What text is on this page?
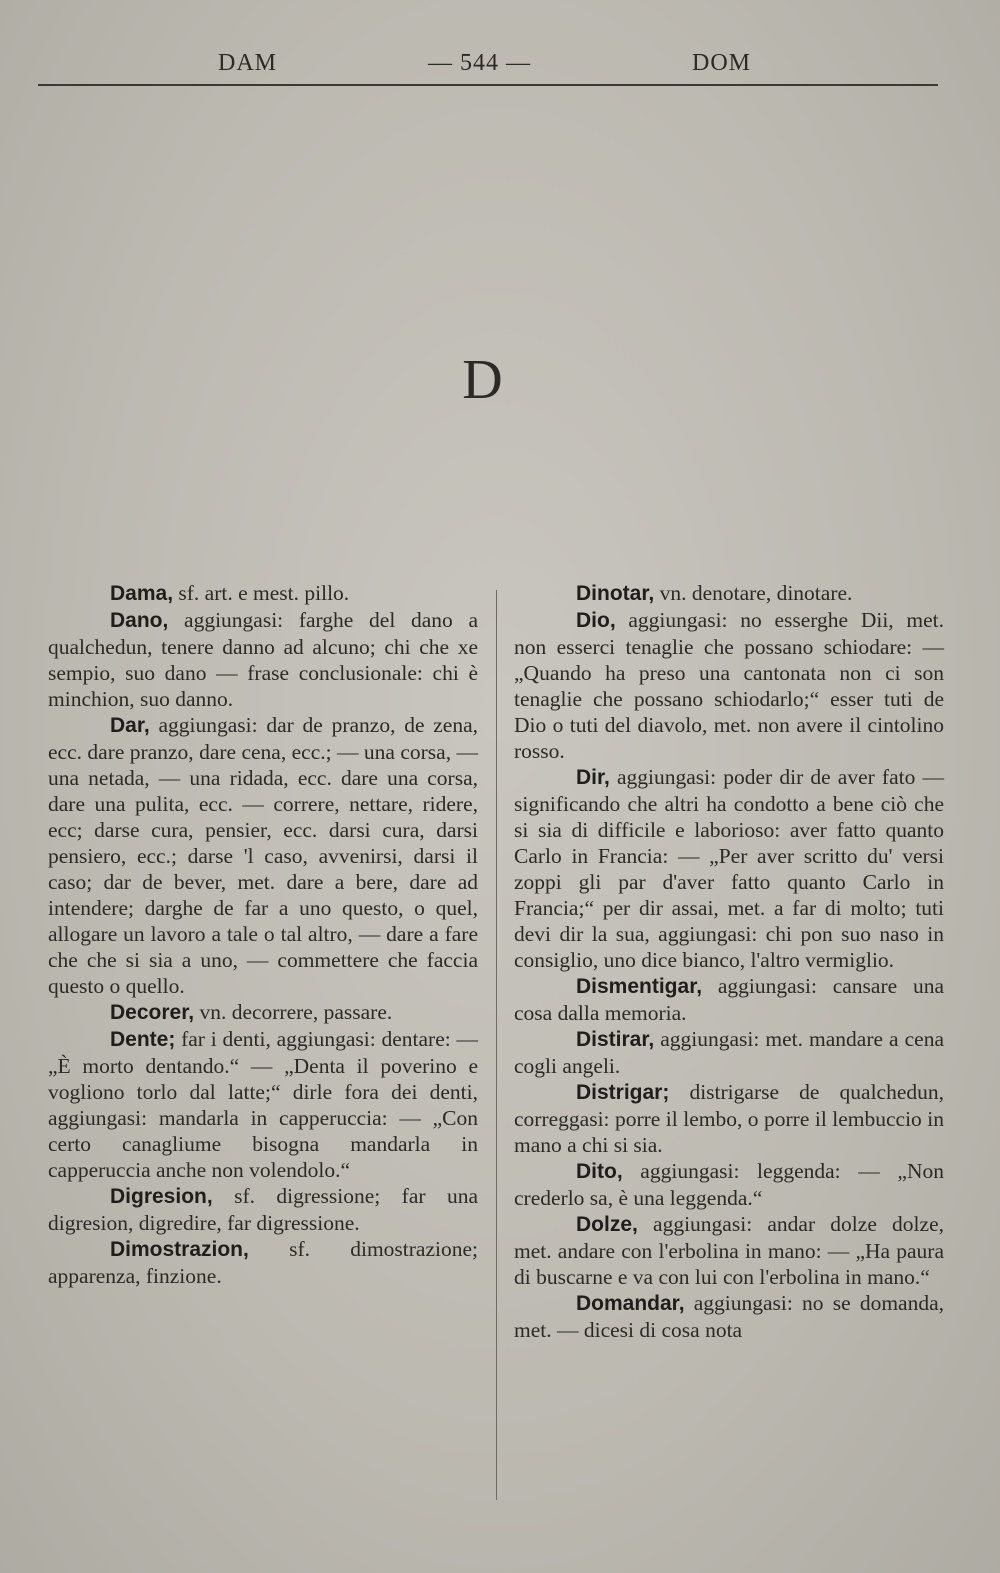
DAM	— 544 —	DOM
D

Dama, sf. art. e mest. pillo.

Dano, aggiungasi: farghe del dano a qualchedun, tenere danno ad alcuno; chi che xe sempio, suo dano — frase conclusionale: chi è minchion, suo danno.

Dar, aggiungasi: dar de pranzo, de zena, ecc. dare pranzo, dare cena, ecc.; — una corsa, — una netada, — una ridada, ecc. dare una corsa, dare una pulita, ecc. — correre, nettare, ridere, ecc; darse cura, pensier, ecc. darsi cura, darsi pensiero, ecc.; darse 'l caso, avvenirsi, darsi il caso; dar de bever, met. dare a bere, dare ad intendere; darghe de far a uno questo, o quel, allogare un lavoro a tale o tal altro, — dare a fare che che si sia a uno, — commettere che faccia questo o quello.

Decorer, vn. decorrere, passare.

Dente; far i denti, aggiungasi: dentare: — „È morto dentando.“ — „Denta il poverino e vogliono torlo dal latte;“ dirle fora dei denti, aggiungasi: mandarla in capperuccia: — „Con certo canagliume bisogna mandarla in capperuccia anche non volendolo.“

Digresion, sf. digressione; far una digresion, digredire, far digressione.

Dimostrazion, sf. dimostrazione; apparenza, finzione.

Dinotar, vn. denotare, dinotare.

Dio, aggiungasi: no esserghe Dii, met. non esserci tenaglie che possano schiodare: — „Quando ha preso una cantonata non ci son tenaglie che possano schiodarlo;“ esser tuti de Dio o tuti del diavolo, met. non avere il cintolino rosso.

Dir, aggiungasi: poder dir de aver fato — significando che altri ha condotto a bene ciò che si sia di difficile e laborioso: aver fatto quanto Carlo in Francia: — „Per aver scritto du' versi zoppi gli par d'aver fatto quanto Carlo in Francia;“ per dir assai, met. a far di molto; tuti devi dir la sua, aggiungasi: chi pon suo naso in consiglio, uno dice bianco, l'altro vermiglio.

Dismentigar, aggiungasi: cansare una cosa dalla memoria.

Distirar, aggiungasi: met. mandare a cena cogli angeli.

Distrigar; distrigarse de qualchedun, correggasi: porre il lembo, o porre il lembuccio in mano a chi si sia.

Dito, aggiungasi: leggenda: — „Non crederlo sa, è una leggenda.“

Dolze, aggiungasi: andar dolze dolze, met. andare con l'erbolina in mano: — „Ha paura di buscarne e va con lui con l'erbolina in mano.“

Domandar, aggiungasi: no se domanda, met. — dicesi di cosa nota
